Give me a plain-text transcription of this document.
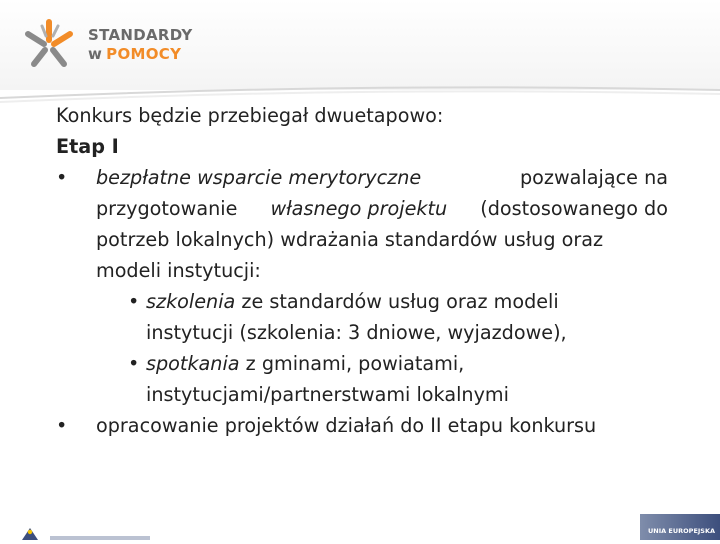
STANDARDY
w POMOCY
Konkurs będzie przebiegał dwuetapowo:
Etap I
• bezpłatne wsparcie merytoryczne	pozwalające na
przygotowanie własnego projektu (dostosowanego do
potrzeb lokalnych) wdrażania standardów usług oraz
modeli instytucji:
• szkolenia ze standardów usług oraz modeli
instytucji (szkolenia: 3 dniowe, wyjazdowe),
• spotkania z gminami, powiatami,
instytucjami/partnerstwami lokalnymi
• opracowanie projektów działań do II etapu konkursu
UNIA EUROPEJSKA
